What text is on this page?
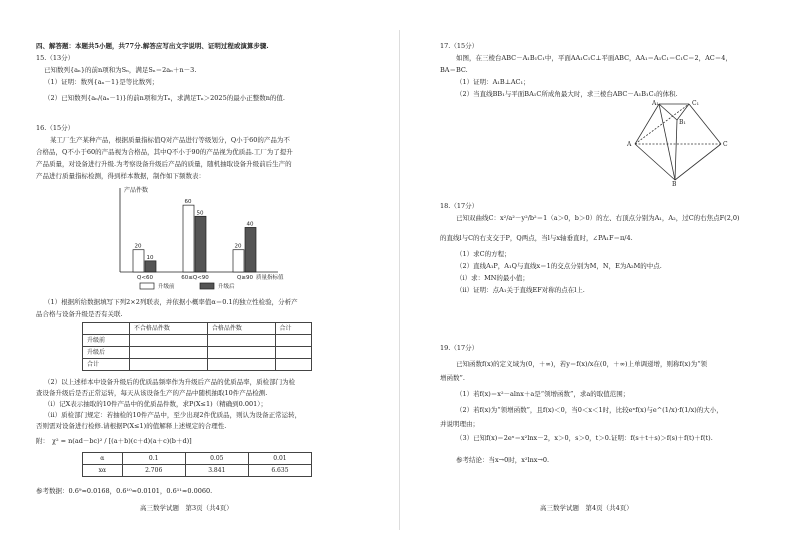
四、解答题：本题共5小题，共77分.解答应写出文字说明、证明过程或演算步骤.
15.（13分）
已知数列{aₙ}的前n项和为Sₙ，满足Sₙ＝2aₙ＋n－3.
（1）证明：数列{aₙ－1}是等比数列；
（2）已知数列{aₙ/(aₙ－1)}的前n项和为Tₙ，求满足Tₙ＞2025的最小正整数n的值.
16.（15分）
某工厂生产某种产品，根据质量指标值Q对产品进行等级划分，Q小于60的产品为不
合格品，Q不小于60的产品视为合格品，其中Q不小于90的产品视为优质品.工厂为了提升
产品质量，对设备进行升级.为考察设备升级后产品的质量，随机抽取设备升级前后生产的
产品进行质量指标检测，得到样本数据，制作如下频数表：
产品件数
质量指标值
20
10
Q<60
60
50
60≤Q<90
20
40
Q≥90
升级前	升级后
（1）根据所给数据填写下列2×2列联表，并依据小概率值α＝0.1的独立性检验，分析产
品合格与设备升级是否有关联.
	不合格品件数	合格品件数	合计
升级前			
升级后			
合计			
（2）以上述样本中设备升级后的优质品频率作为升级后产品的优质品率，质检部门为检
查设备升级后是否正常运转，每天从该设备生产的产品中随机抽取10件产品检测.
（i）记X表示抽取的10件产品中的优质品件数，求P(X≤1)（精确到0.001）；
（ii）质检部门规定：若抽检的10件产品中，至少出现2件优质品，则认为设备正常运转，
否则需对设备进行检修.请根据P(X≤1)的值解释上述规定的合理性.
附： χ² = n(ad－bc)² / [(a＋b)(c＋d)(a＋c)(b＋d)]
α	0.1	0.05	0.01
xα	2.706	3.841	6.635
参考数据：0.6⁹≈0.0168，0.6¹⁰≈0.0101，0.6¹¹≈0.0060.
高三数学试题　第3页（共4页）
17.（15分）
如图，在三棱台ABC－A₁B₁C₁中，平面AA₁C₁C⊥平面ABC，AA₁＝A₁C₁＝C₁C＝2，AC＝4，
BA＝BC.
（1）证明：A₁B⊥AC₁；
（2）当直线BB₁与平面BA₁C所成角最大时，求三棱台ABC－A₁B₁C₁的体积.
A₁	C₁
B₁
A	C
B
18.（17分）
已知双曲线C：x²/a²－y²/b²＝1（a＞0，b＞0）的左、右顶点分别为A₁，A₂，过C的右焦点F(2,0)
的直线l与C的右支交于P，Q两点，当l与x轴垂直时，∠PA₁F＝π/4.
（1）求C的方程；
（2）直线A₁P，A₁Q与直线x＝1的交点分别为M，N，E为A₂M的中点.
（i）求：MN的最小值；
（ii）证明：点A₁关于直线EF对称的点在l上.
19.（17分）
已知函数f(x)的定义域为(0，＋∞)，若y＝f(x)/x在(0，＋∞)上单调递增，则称f(x)为“领
增函数”.
（1）若f(x)＝x²－alnx＋a是“领增函数”，求a的取值范围；
（2）若f(x)为“领增函数”，且f(x)＜0，当0＜x＜1时，比较eˣf(x)与e^(1/x)·f(1/x)的大小，
并说明理由；
（3）已知f(x)＝2eˣ＝x²lnx－2，x＞0，s＞0，t＞0.证明：f(s＋t＋s)＞f(s)＋f(t)＋f(t).
参考结论：当x→0时，x²lnx→0.
高三数学试题　第4页（共4页）
